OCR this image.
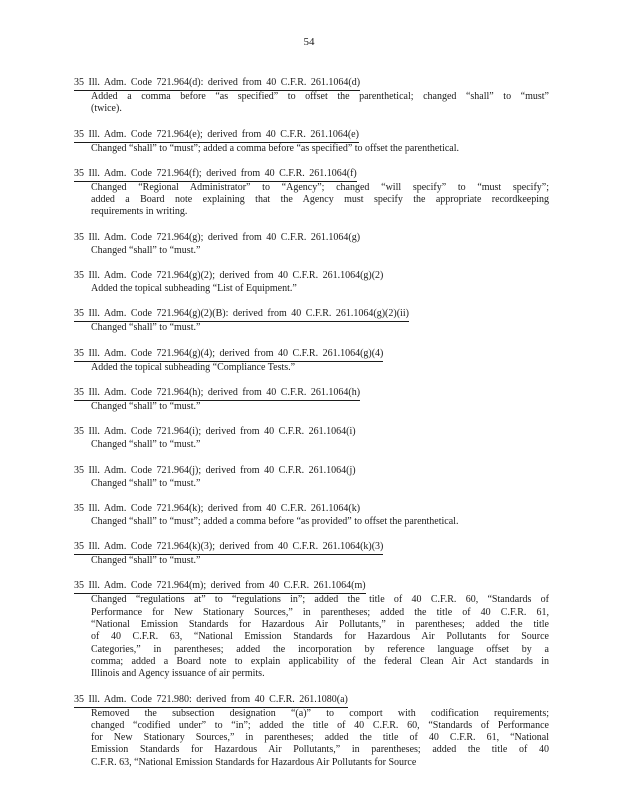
54
35 Ill. Adm. Code 721.964(d): derived from 40 C.F.R. 261.1064(d)
Added a comma before “as specified” to offset the parenthetical; changed “shall” to “must”
(twice).
35 Ill. Adm. Code 721.964(e); derived from 40 C.F.R. 261.1064(e)
Changed “shall” to “must”; added a comma before “as specified” to offset the parenthetical.
35 Ill. Adm. Code 721.964(f); derived from 40 C.F.R. 261.1064(f)
Changed “Regional Administrator” to “Agency”; changed “will specify” to “must specify”;
added a Board note explaining that the Agency must specify the appropriate recordkeeping
requirements in writing.
35 Ill. Adm. Code 721.964(g); derived from 40 C.F.R. 261.1064(g)
Changed “shall” to “must.”
35 Ill. Adm. Code 721.964(g)(2); derived from 40 C.F.R. 261.1064(g)(2)
Added the topical subheading “List of Equipment.”
35 Ill. Adm. Code 721.964(g)(2)(B): derived from 40 C.F.R. 261.1064(g)(2)(ii)
Changed “shall” to “must.”
35 Ill. Adm. Code 721.964(g)(4); derived from 40 C.F.R. 261.1064(g)(4)
Added the topical subheading “Compliance Tests.”
35 Ill. Adm. Code 721.964(h); derived from 40 C.F.R. 261.1064(h)
Changed “shall” to “must.”
35 Ill. Adm. Code 721.964(i); derived from 40 C.F.R. 261.1064(i)
Changed “shall” to “must.”
35 Ill. Adm. Code 721.964(j); derived from 40 C.F.R. 261.1064(j)
Changed “shall” to “must.”
35 Ill. Adm. Code 721.964(k); derived from 40 C.F.R. 261.1064(k)
Changed “shall” to “must”; added a comma before “as provided” to offset the parenthetical.
35 Ill. Adm. Code 721.964(k)(3); derived from 40 C.F.R. 261.1064(k)(3)
Changed “shall” to “must.”
35 Ill. Adm. Code 721.964(m); derived from 40 C.F.R. 261.1064(m)
Changed “regulations at” to “regulations in”; added the title of 40 C.F.R. 60, “Standards of
Performance for New Stationary Sources,” in parentheses; added the title of 40 C.F.R. 61,
“National Emission Standards for Hazardous Air Pollutants,” in parentheses; added the title
of 40 C.F.R. 63, “National Emission Standards for Hazardous Air Pollutants for Source
Categories,” in parentheses; added the incorporation by reference language offset by a
comma; added a Board note to explain applicability of the federal Clean Air Act standards in
Illinois and Agency issuance of air permits.
35 Ill. Adm. Code 721.980: derived from 40 C.F.R. 261.1080(a)
Removed the subsection designation “(a)” to comport with codification requirements;
changed “codified under” to “in”; added the title of 40 C.F.R. 60, “Standards of Performance
for New Stationary Sources,” in parentheses; added the title of 40 C.F.R. 61, “National
Emission Standards for Hazardous Air Pollutants,” in parentheses; added the title of 40
C.F.R. 63, “National Emission Standards for Hazardous Air Pollutants for Source
